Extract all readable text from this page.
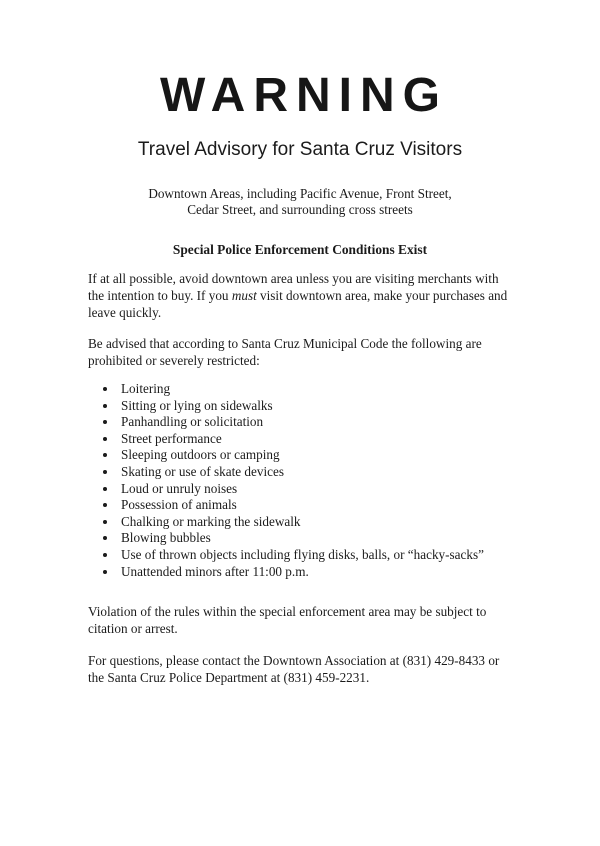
WARNING
Travel Advisory for Santa Cruz Visitors

Downtown Areas, including Pacific Avenue, Front Street,
Cedar Street, and surrounding cross streets

Special Police Enforcement Conditions Exist

If at all possible, avoid downtown area unless you are visiting merchants with the intention to buy. If you must visit downtown area, make your purchases and leave quickly.

Be advised that according to Santa Cruz Municipal Code the following are prohibited or severely restricted:

• Loitering
• Sitting or lying on sidewalks
• Panhandling or solicitation
• Street performance
• Sleeping outdoors or camping
• Skating or use of skate devices
• Loud or unruly noises
• Possession of animals
• Chalking or marking the sidewalk
• Blowing bubbles
• Use of thrown objects including flying disks, balls, or “hacky-sacks”
• Unattended minors after 11:00 p.m.

Violation of the rules within the special enforcement area may be subject to citation or arrest.

For questions, please contact the Downtown Association at (831) 429-8433 or the Santa Cruz Police Department at (831) 459-2231.
